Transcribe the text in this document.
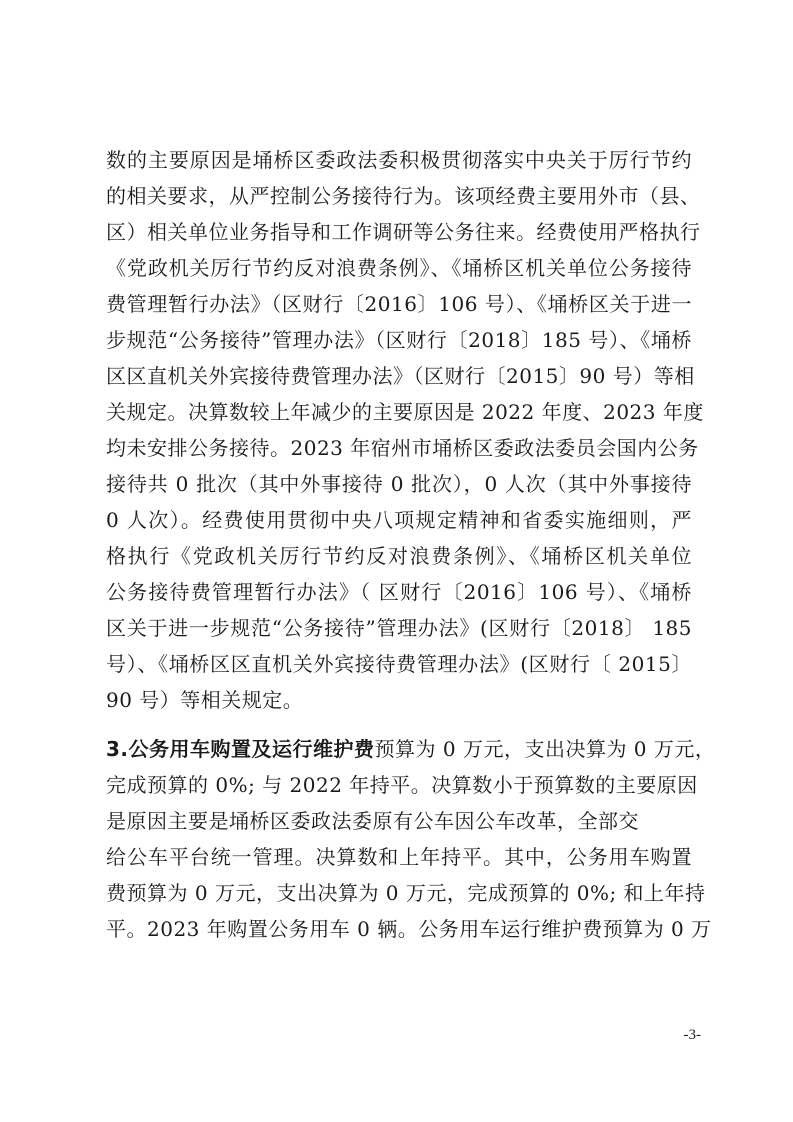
数的主要原因是埇桥区委政法委积极贯彻落实中央关于厉行节约
的相关要求，从严控制公务接待行为。该项经费主要用外市（县、
区）相关单位业务指导和工作调研等公务往来。经费使用严格执行
《党政机关厉行节约反对浪费条例》、《埇桥区机关单位公务接待
费管理暂行办法》（区财行〔2016〕106 号）、《埇桥区关于进一
步规范“公务接待”管理办法》（区财行〔2018〕185 号）、《埇桥
区区直机关外宾接待费管理办法》（区财行〔2015〕90 号）等相
关规定。决算数较上年减少的主要原因是 2022 年度、2023 年度
均未安排公务接待。2023 年宿州市埇桥区委政法委员会国内公务
接待共 0 批次（其中外事接待 0 批次），0 人次（其中外事接待
0 人次）。经费使用贯彻中央八项规定精神和省委实施细则，严
格执行《党政机关厉行节约反对浪费条例》、《埇桥区机关单位
公务接待费管理暂行办法》（ 区财行〔2016〕106 号）、《埇桥
区关于进一步规范“公务接待”管理办法》(区财行〔2018〕 185
号）、《埇桥区区直机关外宾接待费管理办法》(区财行〔 2015〕
90 号）等相关规定。
3.公务用车购置及运行维护费预算为 0 万元，支出决算为 0 万元，
完成预算的 0%; 与 2022 年持平。决算数小于预算数的主要原因
是原因主要是埇桥区委政法委原有公车因公车改革，全部交
给公车平台统一管理。决算数和上年持平。其中，公务用车购置
费预算为 0 万元，支出决算为 0 万元，完成预算的 0%; 和上年持
平。2023 年购置公务用车 0 辆。公务用车运行维护费预算为 0 万
-3-
